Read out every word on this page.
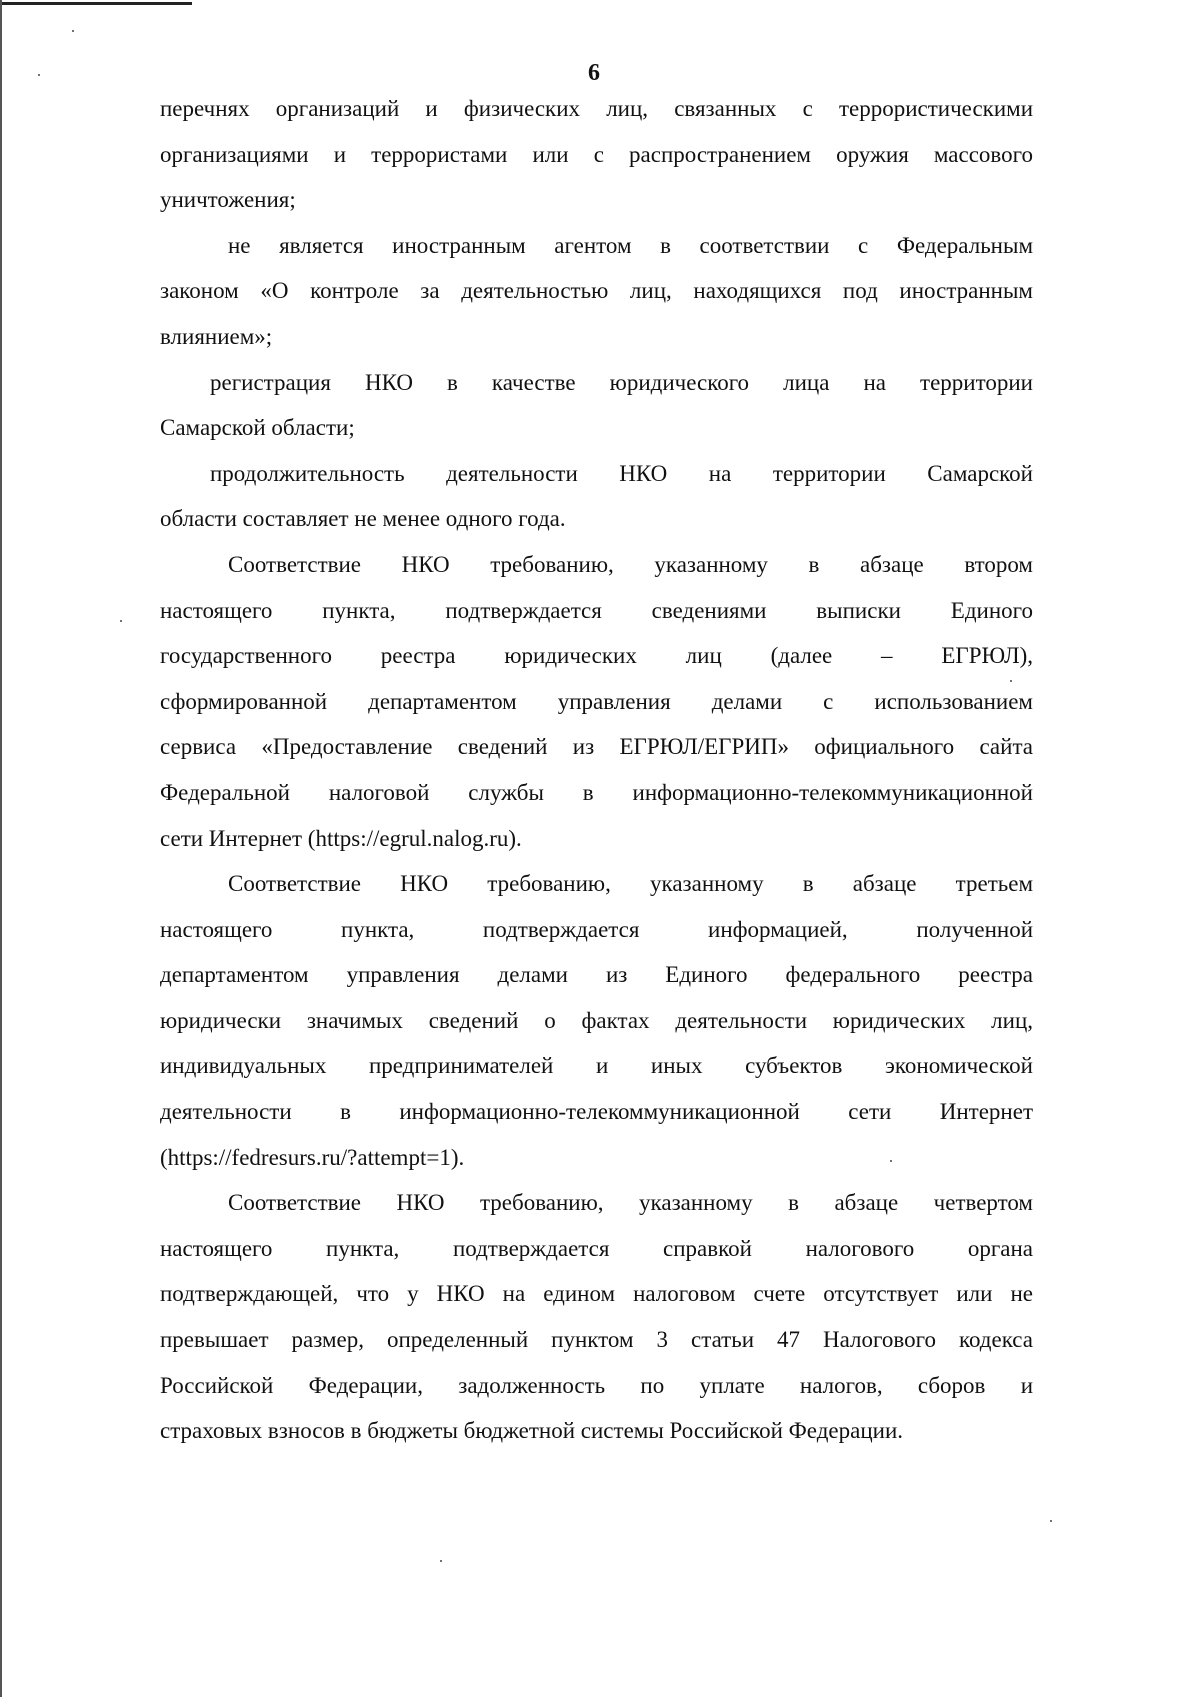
6
перечнях организаций и физических лиц, связанных с террористическими
организациями и террористами или с распространением оружия массового
уничтожения;
не является иностранным агентом в соответствии с Федеральным
законом «О контроле за деятельностью лиц, находящихся под иностранным
влиянием»;
регистрация НКО в качестве юридического лица на территории
Самарской области;
продолжительность деятельности НКО на территории Самарской
области составляет не менее одного года.
Соответствие НКО требованию, указанному в абзаце втором
настоящего пункта, подтверждается сведениями выписки Единого
государственного реестра юридических лиц (далее – ЕГРЮЛ),
сформированной департаментом управления делами с использованием
сервиса «Предоставление сведений из ЕГРЮЛ/ЕГРИП» официального сайта
Федеральной налоговой службы в информационно-телекоммуникационной
сети Интернет (https://egrul.nalog.ru).
Соответствие НКО требованию, указанному в абзаце третьем
настоящего пункта, подтверждается информацией, полученной
департаментом управления делами из Единого федерального реестра
юридически значимых сведений о фактах деятельности юридических лиц,
индивидуальных предпринимателей и иных субъектов экономической
деятельности в информационно-телекоммуникационной сети Интернет
(https://fedresurs.ru/?attempt=1).
Соответствие НКО требованию, указанному в абзаце четвертом
настоящего пункта, подтверждается справкой налогового органа
подтверждающей, что у НКО на едином налоговом счете отсутствует или не
превышает размер, определенный пунктом 3 статьи 47 Налогового кодекса
Российской Федерации, задолженность по уплате налогов, сборов и
страховых взносов в бюджеты бюджетной системы Российской Федерации.
